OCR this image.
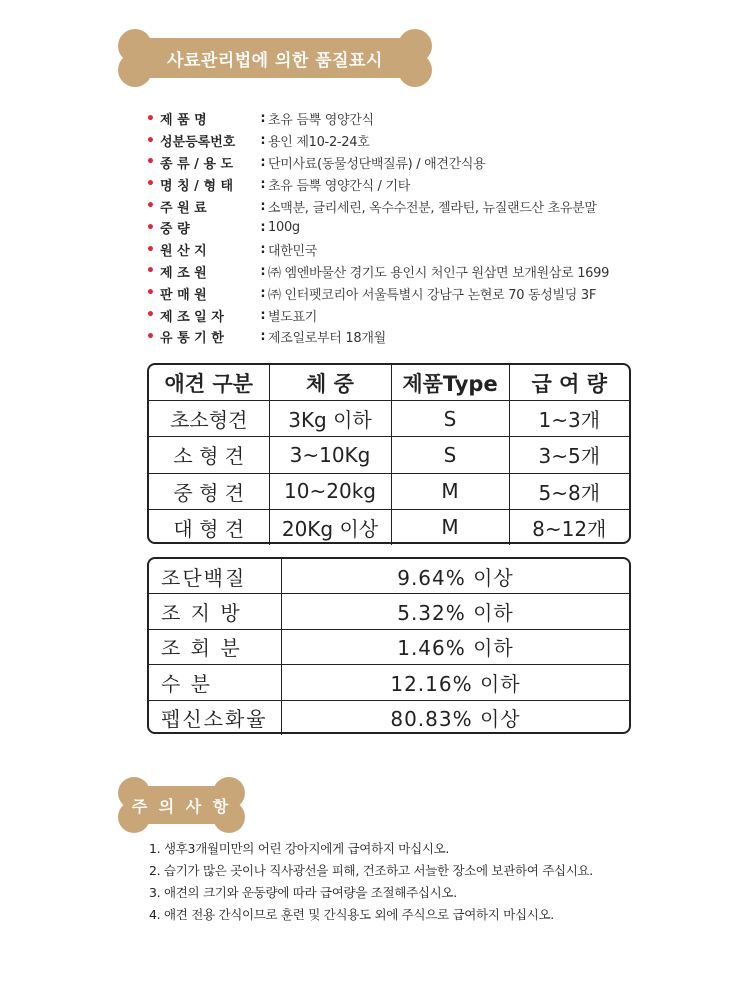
사료관리법에 의한 품질표시
• 제 품 명	: 초유 듬뿍 영양간식
• 성분등록번호	: 용인 제10-2-24호
• 종 류 / 용 도	: 단미사료(동물성단백질류) / 애견간식용
• 명 칭 / 형 태	: 초유 듬뿍 영양간식 / 기타
• 주 원 료	: 소맥분, 글리세린, 옥수수전분, 젤라틴, 뉴질랜드산 초유분말
• 중 량	: 100g
• 원 산 지	: 대한민국
• 제 조 원	: ㈜ 엠엔바물산 경기도 용인시 처인구 원삼면 보개원삼로 1699
• 판 매 원	: ㈜ 인터펫코리아 서울특별시 강남구 논현로 70 동성빌딩 3F
• 제 조 일 자	: 별도표기
• 유 통 기 한	: 제조일로부터 18개월
애견 구분	체 중	제품Type	급 여 량
초소형견	3Kg 이하	S	1~3개
소 형 견	3~10Kg	S	3~5개
중 형 견	10~20kg	M	5~8개
대 형 견	20Kg 이상	M	8~12개
조단백질	9.64% 이상
조 지 방	5.32% 이하
조 회 분	1.46% 이하
수 분	12.16% 이하
펩신소화율	80.83% 이상
주 의 사 항
1. 생후3개월미만의 어린 강아지에게 급여하지 마십시오.
2. 습기가 많은 곳이나 직사광선을 피해, 건조하고 서늘한 장소에 보관하여 주십시요.
3. 애견의 크기와 운동량에 따라 급여량을 조절해주십시오.
4. 애견 전용 간식이므로 훈련 및 간식용도 외에 주식으로 급여하지 마십시오.
